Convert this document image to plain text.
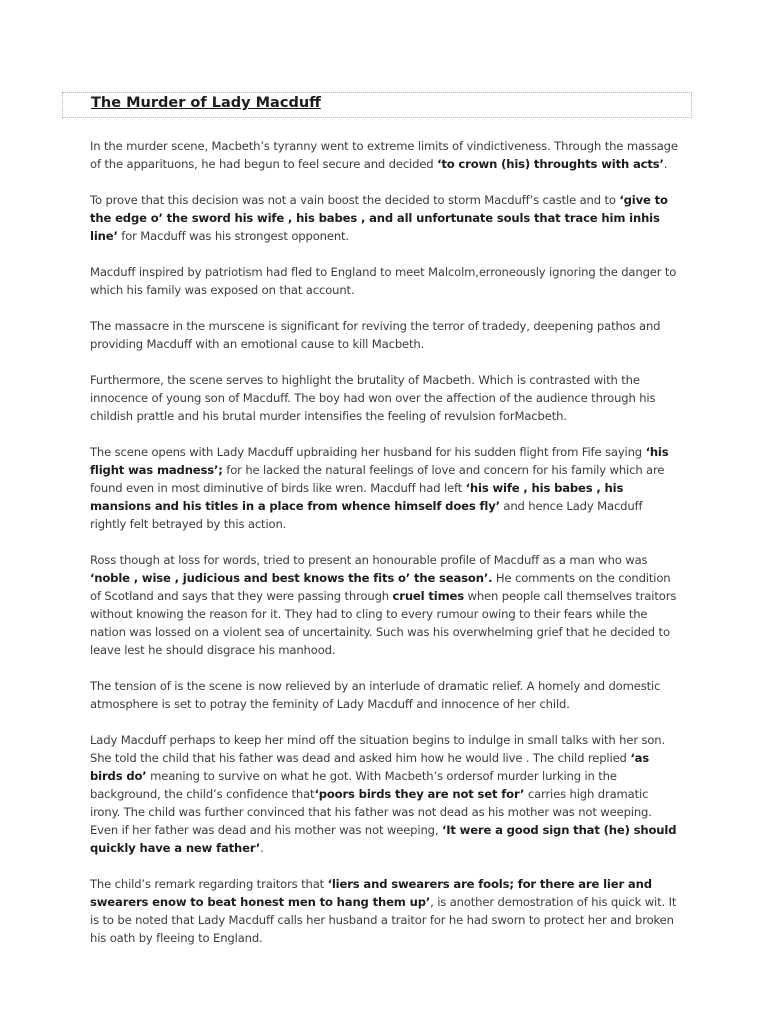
The Murder of Lady Macduff

In the murder scene, Macbeth’s tyranny went to extreme limits of vindictiveness. Through the massage of the apparituons, he had begun to feel secure and decided ‘to crown (his) throughts with acts’.

To prove that this decision was not a vain boost the decided to storm Macduff’s castle and to ‘give to the edge o’ the sword his wife , his babes , and all unfortunate souls that trace him inhis line’ for Macduff was his strongest opponent.

Macduff inspired by patriotism had fled to England to meet Malcolm,erroneously ignoring the danger to which his family was exposed on that account.

The massacre in the murscene is significant for reviving the terror of tradedy, deepening pathos and providing Macduff with an emotional cause to kill Macbeth.

Furthermore, the scene serves to highlight the brutality of Macbeth. Which is contrasted with the innocence of young son of Macduff. The boy had won over the affection of the audience through his childish prattle and his brutal murder intensifies the feeling of revulsion forMacbeth.

The scene opens with Lady Macduff upbraiding her husband for his sudden flight from Fife saying ‘his flight was madness’; for he lacked the natural feelings of love and concern for his family which are found even in most diminutive of birds like wren. Macduff had left ‘his wife , his babes , his mansions and his titles in a place from whence himself does fly’ and hence Lady Macduff rightly felt betrayed by this action.

Ross though at loss for words, tried to present an honourable profile of Macduff as a man who was ‘noble , wise , judicious and best knows the fits o’ the season’. He comments on the condition of Scotland and says that they were passing through cruel times when people call themselves traitors without knowing the reason for it. They had to cling to every rumour owing to their fears while the nation was lossed on a violent sea of uncertainity. Such was his overwhelming grief that he decided to leave lest he should disgrace his manhood.

The tension of is the scene is now relieved by an interlude of dramatic relief. A homely and domestic atmosphere is set to potray the feminity of Lady Macduff and innocence of her child.

Lady Macduff perhaps to keep her mind off the situation begins to indulge in small talks with her son. She told the child that his father was dead and asked him how he would live . The child replied ‘as birds do’ meaning to survive on what he got. With Macbeth’s ordersof murder lurking in the background, the child’s confidence that‘poors birds they are not set for’ carries high dramatic irony. The child was further convinced that his father was not dead as his mother was not weeping. Even if her father was dead and his mother was not weeping, ‘It were a good sign that (he) should quickly have a new father’.

The child’s remark regarding traitors that ‘liers and swearers are fools; for there are lier and swearers enow to beat honest men to hang them up’, is another demostration of his quick wit. It is to be noted that Lady Macduff calls her husband a traitor for he had sworn to protect her and broken his oath by fleeing to England.
